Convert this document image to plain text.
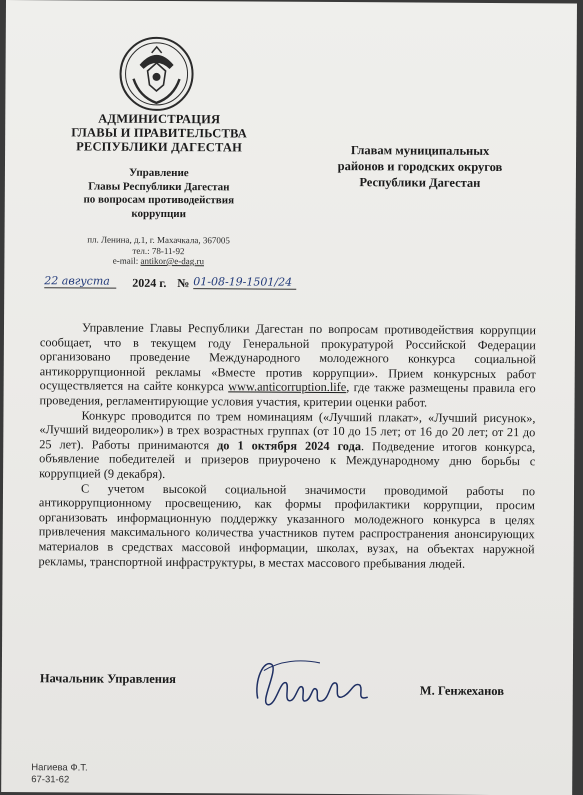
АДМИНИСТРАЦИЯ
ГЛАВЫ И ПРАВИТЕЛЬСТВА
РЕСПУБЛИКИ ДАГЕСТАН
Управление
Главы Республики Дагестан
по вопросам противодействия
коррупции
пл. Ленина, д.1, г. Махачкала, 367005
тел.: 78-11-92
e-mail: antikor@e-dag.ru
Главам муниципальных
районов и городских округов
Республики Дагестан
22 августа	2024 г. № 01-08-19-1501/24

Управление Главы Республики Дагестан по вопросам противодействия коррупции сообщает, что в текущем году Генеральной прокуратурой Российской Федерации организовано проведение Международного молодежного конкурса социальной антикоррупционной рекламы «Вместе против коррупции». Прием конкурсных работ осуществляется на сайте конкурса www.anticorruption.life, где также размещены правила его проведения, регламентирующие условия участия, критерии оценки работ.

Конкурс проводится по трем номинациям («Лучший плакат», «Лучший рисунок», «Лучший видеоролик») в трех возрастных группах (от 10 до 15 лет; от 16 до 20 лет; от 21 до 25 лет). Работы принимаются до 1 октября 2024 года. Подведение итогов конкурса, объявление победителей и призеров приурочено к Международному дню борьбы с коррупцией (9 декабря).

С учетом высокой социальной значимости проводимой работы по антикоррупционному просвещению, как формы профилактики коррупции, просим организовать информационную поддержку указанного молодежного конкурса в целях привлечения максимального количества участников путем распространения анонсирующих материалов в средствах массовой информации, школах, вузах, на объектах наружной рекламы, транспортной инфраструктуры, в местах массового пребывания людей.

Начальник Управления
М. Генжеханов
Нагиева Ф.Т.
67-31-62
